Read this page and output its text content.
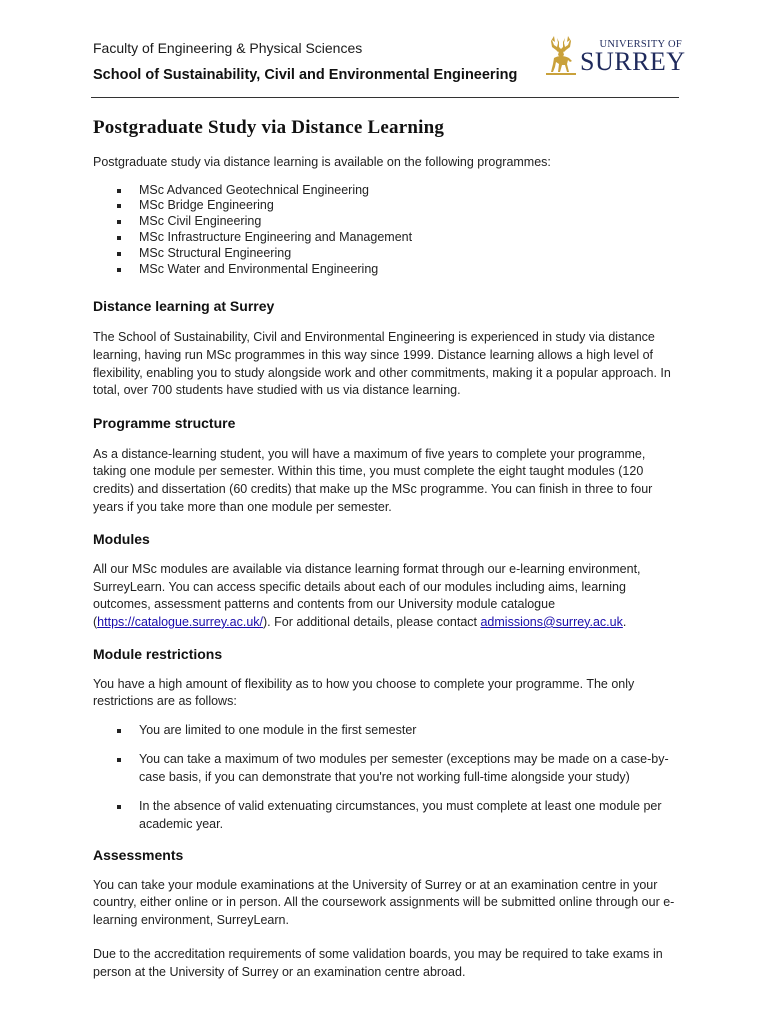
Faculty of Engineering & Physical Sciences
School of Sustainability, Civil and Environmental Engineering
UNIVERSITY OF
SURREY
Postgraduate Study via Distance Learning

Postgraduate study via distance learning is available on the following programmes:

MSc Advanced Geotechnical Engineering
MSc Bridge Engineering
MSc Civil Engineering
MSc Infrastructure Engineering and Management
MSc Structural Engineering
MSc Water and Environmental Engineering
Distance learning at Surrey

The School of Sustainability, Civil and Environmental Engineering is experienced in study via distance learning, having run MSc programmes in this way since 1999. Distance learning allows a high level of flexibility, enabling you to study alongside work and other commitments, making it a popular approach. In total, over 700 students have studied with us via distance learning.

Programme structure

As a distance-learning student, you will have a maximum of five years to complete your programme, taking one module per semester. Within this time, you must complete the eight taught modules (120 credits) and dissertation (60 credits) that make up the MSc programme. You can finish in three to four years if you take more than one module per semester.

Modules

All our MSc modules are available via distance learning format through our e-learning environment, SurreyLearn. You can access specific details about each of our modules including aims, learning outcomes, assessment patterns and contents from our University module catalogue (https://catalogue.surrey.ac.uk/). For additional details, please contact admissions@surrey.ac.uk.

Module restrictions

You have a high amount of flexibility as to how you choose to complete your programme. The only restrictions are as follows:

You are limited to one module in the first semester
You can take a maximum of two modules per semester (exceptions may be made on a case-by-case basis, if you can demonstrate that you're not working full-time alongside your study)
In the absence of valid extenuating circumstances, you must complete at least one module per academic year.
Assessments

You can take your module examinations at the University of Surrey or at an examination centre in your country, either online or in person. All the coursework assignments will be submitted online through our e-learning environment, SurreyLearn.

Due to the accreditation requirements of some validation boards, you may be required to take exams in person at the University of Surrey or an examination centre abroad.
